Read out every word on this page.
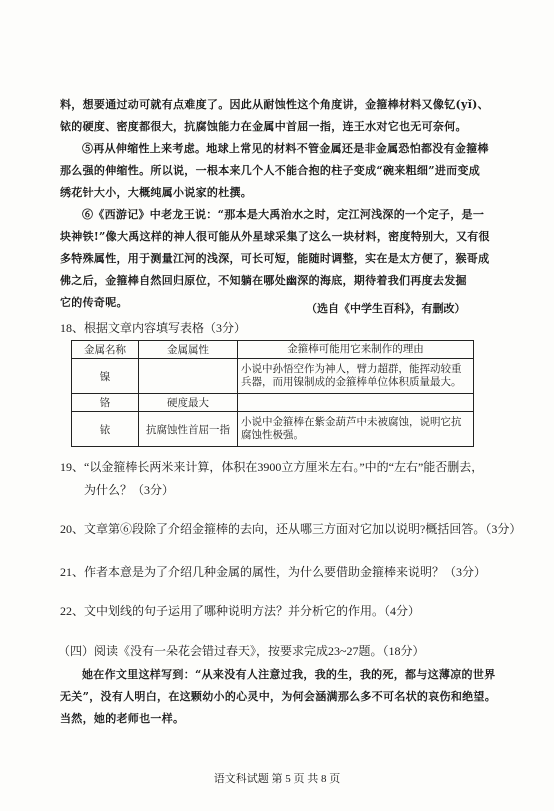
料，想要通过动可就有点难度了。因此从耐蚀性这个角度讲，金箍棒材料又像钇(yǐ)、
铱的硬度、密度都很大，抗腐蚀能力在金属中首屈一指，连王水对它也无可奈何。
⑤再从伸缩性上来考虑。地球上常见的材料不管金属还是非金属恐怕都没有金箍棒
那么强的伸缩性。所以说，一根本来几个人不能合抱的柱子变成“碗来粗细”进而变成
绣花针大小，大概纯属小说家的杜撰。
⑥《西游记》中老龙王说：“那本是大禹治水之时，定江河浅深的一个定子，是一
块神铁!”像大禹这样的神人很可能从外星球采集了这么一块材料，密度特别大，又有很
多特殊属性，用于测量江河的浅深，可长可短，能随时调整，实在是太方便了，猴哥成
佛之后，金箍棒自然回归原位，不知躺在哪处幽深的海底，期待着我们再度去发掘
它的传奇呢。	（选自《中学生百科》，有删改）
18、根据文章内容填写表格（3分）
金属名称	金属属性	金箍棒可能用它来制作的理由
镍		小说中孙悟空作为神人，臂力超群，能挥动较重兵器，而用镍制成的金箍棒单位体积质量最大。
铬	硬度最大	
铱	抗腐蚀性首屈一指	小说中金箍棒在紫金葫芦中未被腐蚀，说明它抗腐蚀性极强。
19、“以金箍棒长两米来计算，体积在3900立方厘米左右。”中的“左右”能否删去，
为什么？（3分）
20、文章第⑥段除了介绍金箍棒的去向，还从哪三方面对它加以说明?概括回答。（3分）
21、作者本意是为了介绍几种金属的属性，为什么要借助金箍棒来说明？（3分）
22、文中划线的句子运用了哪种说明方法？并分析它的作用。（4分）
（四）阅读《没有一朵花会错过春天》，按要求完成23~27题。（18分）
她在作文里这样写到：“从来没有人注意过我，我的生，我的死，都与这薄凉的世界
无关”，没有人明白，在这颗幼小的心灵中，为何会涵满那么多不可名状的哀伤和绝望。
当然，她的老师也一样。
语文科试题 第 5 页 共 8 页
